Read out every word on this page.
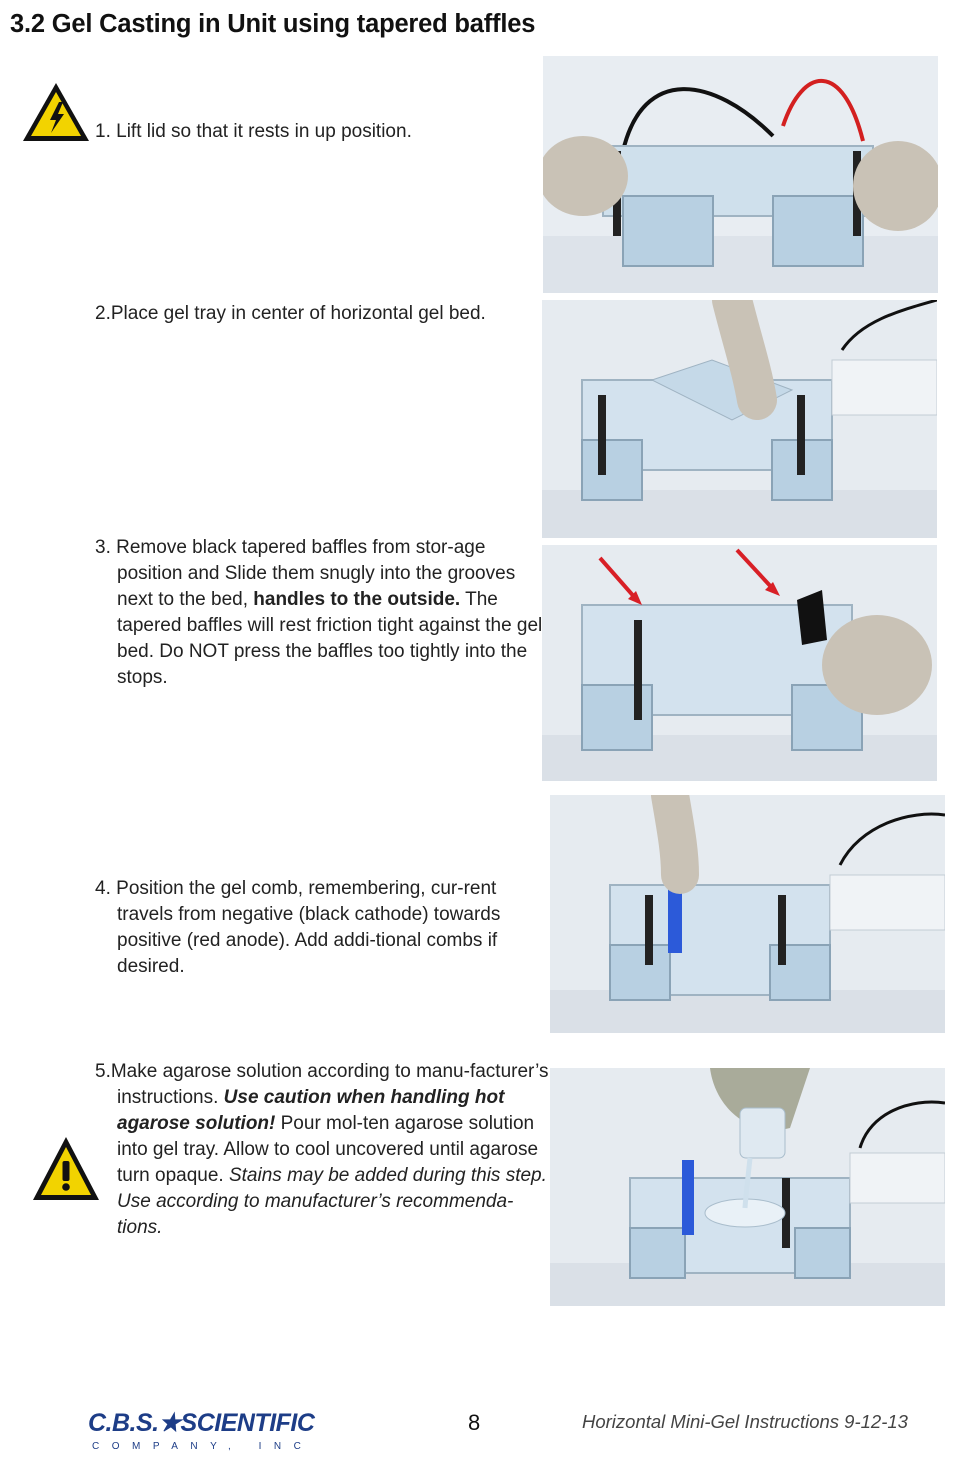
3.2 Gel Casting in Unit using tapered baffles
1. Lift lid so that it rests in up position.
2.Place gel tray in center of horizontal gel bed.
3. Remove black tapered baffles from stor-age position and Slide them snugly into the grooves next to the bed, handles to the outside. The tapered baffles will rest friction tight against the gel bed. Do NOT press the baffles too tightly into the stops.
4. Position the gel comb, remembering, cur-rent travels from negative (black cathode) towards positive (red anode). Add addi-tional combs if desired.
5.Make agarose solution according to manu-facturer’s instructions. Use caution when handling hot agarose solution! Pour mol-ten agarose solution into gel tray. Allow to cool uncovered until agarose turn opaque. Stains may be added during this step. Use according to manufacturer’s recommenda-tions.
C.B.S.★SCIENTIFIC
COMPANY, INC
8	Horizontal Mini-Gel Instructions 9-12-13
